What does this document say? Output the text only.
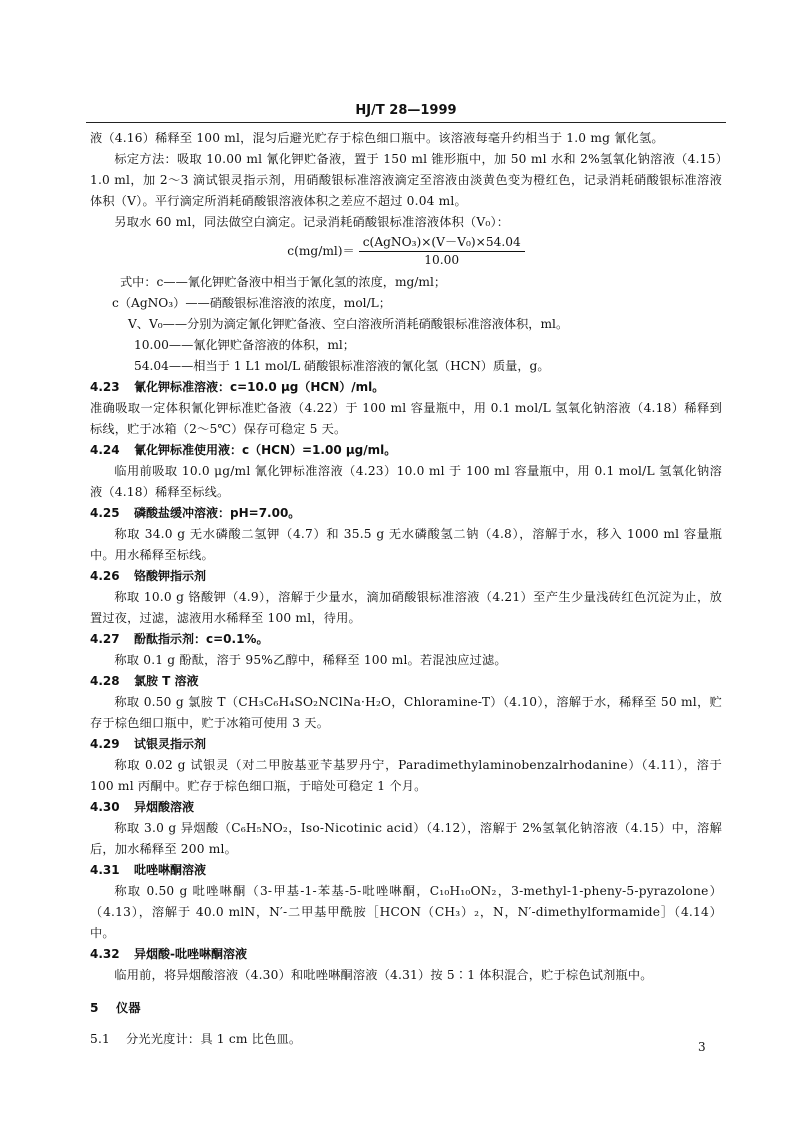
HJ/T 28—1999

液（4.16）稀释至 100 ml，混匀后避光贮存于棕色细口瓶中。该溶液每毫升约相当于 1.0 mg 氰化氢。

标定方法：吸取 10.00 ml 氰化钾贮备液，置于 150 ml 锥形瓶中，加 50 ml 水和 2%氢氧化钠溶液（4.15）1.0 ml，加 2～3 滴试银灵指示剂，用硝酸银标准溶液滴定至溶液由淡黄色变为橙红色，记录消耗硝酸银标准溶液体积（V）。平行滴定所消耗硝酸银溶液体积之差应不超过 0.04 ml。

另取水 60 ml，同法做空白滴定。记录消耗硝酸银标准溶液体积（V₀）：

$c(mg/ml)= \frac{\text{c(AgNO₃)×(V－V₀)×54.04}}{10.00}$

式中：c——氰化钾贮备液中相当于氰化氢的浓度，mg/ml；

c（AgNO₃）——硝酸银标准溶液的浓度，mol/L；

V、V₀——分别为滴定氰化钾贮备液、空白溶液所消耗硝酸银标准溶液体积，ml。

10.00——氰化钾贮备溶液的体积，ml；

54.04——相当于 1 L1 mol/L 硝酸银标准溶液的氰化氢（HCN）质量，g。

4.23 氰化钾标准溶液：c=10.0 μg（HCN）/ml。

准确吸取一定体积氰化钾标准贮备液（4.22）于 100 ml 容量瓶中，用 0.1 mol/L 氢氧化钠溶液（4.18）稀释到标线，贮于冰箱（2～5℃）保存可稳定 5 天。

4.24 氰化钾标准使用液：c（HCN）=1.00 μg/ml。

临用前吸取 10.0 μg/ml 氰化钾标准溶液（4.23）10.0 ml 于 100 ml 容量瓶中，用 0.1 mol/L 氢氧化钠溶液（4.18）稀释至标线。

4.25 磷酸盐缓冲溶液：pH=7.00。

称取 34.0 g 无水磷酸二氢钾（4.7）和 35.5 g 无水磷酸氢二钠（4.8），溶解于水，移入 1000 ml 容量瓶中。用水稀释至标线。

4.26 铬酸钾指示剂

称取 10.0 g 铬酸钾（4.9），溶解于少量水，滴加硝酸银标准溶液（4.21）至产生少量浅砖红色沉淀为止，放置过夜，过滤，滤液用水稀释至 100 ml，待用。

4.27 酚酞指示剂：c=0.1%。

称取 0.1 g 酚酞，溶于 95%乙醇中，稀释至 100 ml。若混浊应过滤。

4.28 氯胺 T 溶液

称取 0.50 g 氯胺 T（CH₃C₆H₄SO₂NClNa·H₂O，Chloramine-T）（4.10），溶解于水，稀释至 50 ml，贮存于棕色细口瓶中，贮于冰箱可使用 3 天。

4.29 试银灵指示剂

称取 0.02 g 试银灵（对二甲胺基亚苄基罗丹宁，Paradimethylaminobenzalrhodanine）（4.11），溶于 100 ml 丙酮中。贮存于棕色细口瓶，于暗处可稳定 1 个月。

4.30 异烟酸溶液

称取 3.0 g 异烟酸（C₆H₅NO₂，Iso-Nicotinic acid）（4.12），溶解于 2%氢氧化钠溶液（4.15）中，溶解后，加水稀释至 200 ml。

4.31 吡唑啉酮溶液

称取 0.50 g 吡唑啉酮（3-甲基-1-苯基-5-吡唑啉酮，C₁₀H₁₀ON₂，3-methyl-1-pheny-5-pyrazolone）（4.13），溶解于 40.0 mlN，N′-二甲基甲酰胺［HCON（CH₃）₂，N，N′-dimethylformamide］（4.14）中。

4.32 异烟酸-吡唑啉酮溶液

临用前，将异烟酸溶液（4.30）和吡唑啉酮溶液（4.31）按 5∶1 体积混合，贮于棕色试剂瓶中。

5 仪器

5.1 分光光度计：具 1 cm 比色皿。

3
